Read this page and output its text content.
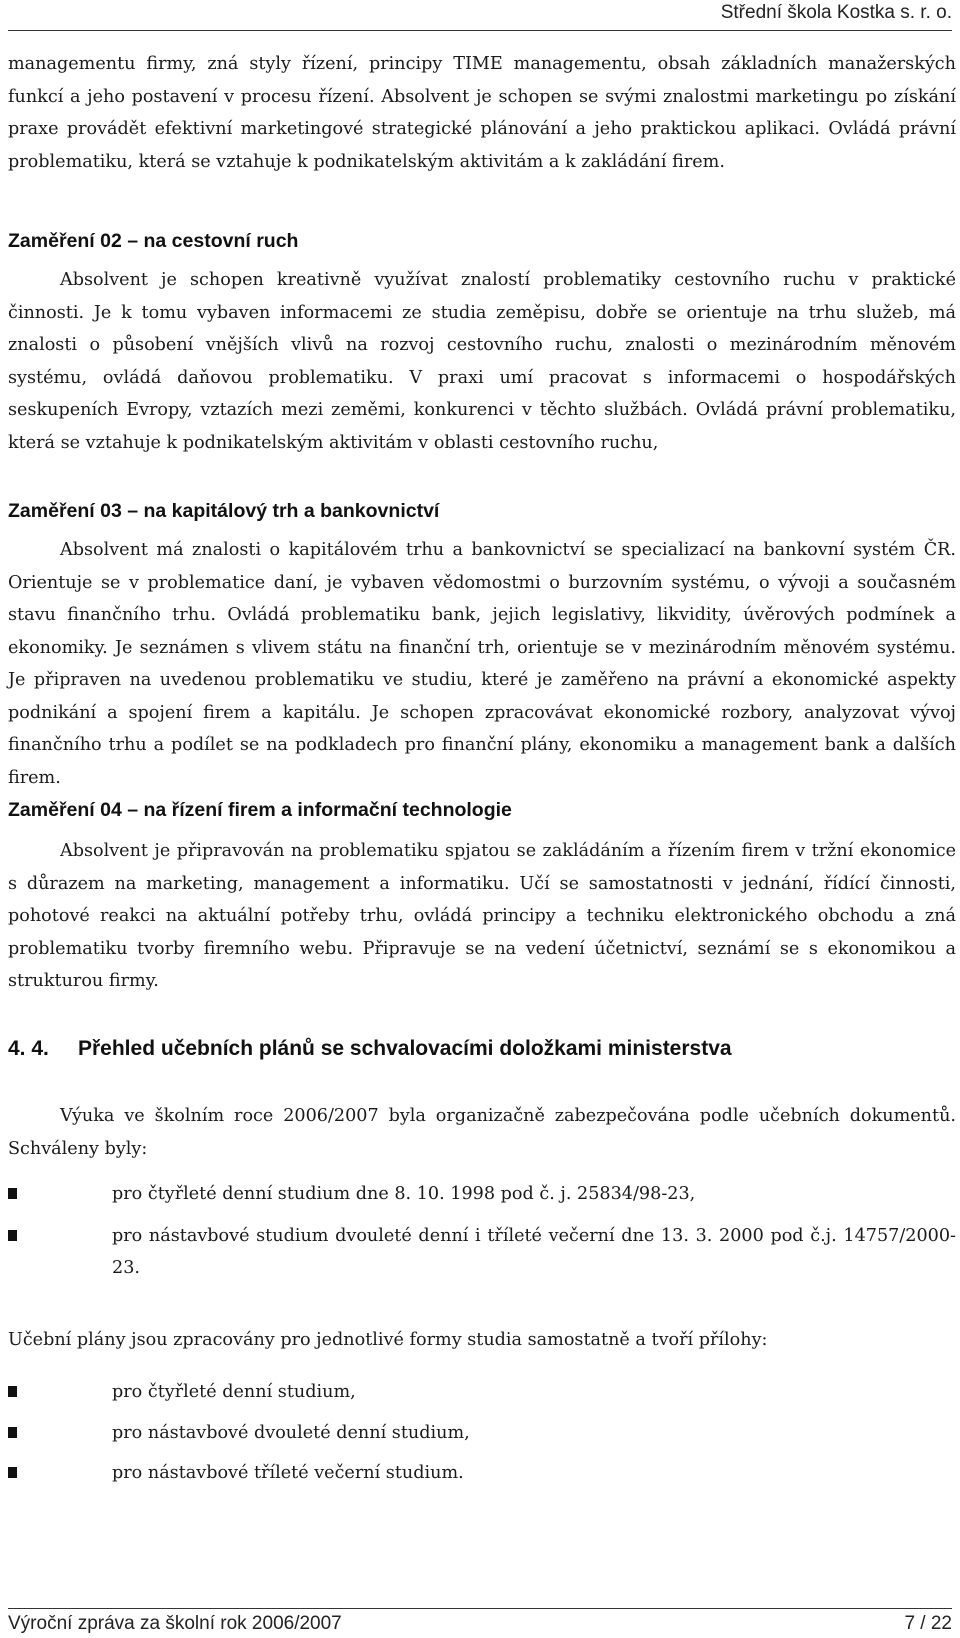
Střední škola Kostka s. r. o.

managementu firmy, zná styly řízení, principy TIME managementu, obsah základních manažerských funkcí a jeho postavení v procesu řízení. Absolvent je schopen se svými znalostmi marketingu po získání praxe provádět efektivní marketingové strategické plánování a jeho praktickou aplikaci. Ovládá právní problematiku, která se vztahuje k podnikatelským aktivitám a k zakládání firem.

Zaměření 02 – na cestovní ruch

Absolvent je schopen kreativně využívat znalostí problematiky cestovního ruchu v praktické činnosti. Je k tomu vybaven informacemi ze studia zeměpisu, dobře se orientuje na trhu služeb, má znalosti o působení vnějších vlivů na rozvoj cestovního ruchu, znalosti o mezinárodním měnovém systému, ovládá daňovou problematiku. V praxi umí pracovat s informacemi o hospodářských seskupeních Evropy, vztazích mezi zeměmi, konkurenci v těchto službách. Ovládá právní problematiku, která se vztahuje k podnikatelským aktivitám v oblasti cestovního ruchu,

Zaměření 03 – na kapitálový trh a bankovnictví

Absolvent má znalosti o kapitálovém trhu a bankovnictví se specializací na bankovní systém ČR. Orientuje se v problematice daní, je vybaven vědomostmi o burzovním systému, o vývoji a současném stavu finančního trhu. Ovládá problematiku bank, jejich legislativy, likvidity, úvěrových podmínek a ekonomiky. Je seznámen s vlivem státu na finanční trh, orientuje se v mezinárodním měnovém systému. Je připraven na uvedenou problematiku ve studiu, které je zaměřeno na právní a ekonomické aspekty podnikání a spojení firem a kapitálu. Je schopen zpracovávat ekonomické rozbory, analyzovat vývoj finančního trhu a podílet se na podkladech pro finanční plány, ekonomiku a management bank a dalších firem.

Zaměření 04 – na řízení firem a informační technologie

Absolvent je připravován na problematiku spjatou se zakládáním a řízením firem v tržní ekonomice s důrazem na marketing, management a informatiku. Učí se samostatnosti v jednání, řídící činnosti, pohotové reakci na aktuální potřeby trhu, ovládá principy a techniku elektronického obchodu a zná problematiku tvorby firemního webu. Připravuje se na vedení účetnictví, seznámí se s ekonomikou a strukturou firmy.

4. 4. Přehled učebních plánů se schvalovacími doložkami ministerstva

Výuka ve školním roce 2006/2007 byla organizačně zabezpečována podle učebních dokumentů. Schváleny byly:

pro čtyřleté denní studium dne 8. 10. 1998 pod č. j. 25834/98-23,
pro nástavbové studium dvouleté denní i tříleté večerní dne 13. 3. 2000 pod č.j. 14757/2000-23.

Učební plány jsou zpracovány pro jednotlivé formy studia samostatně a tvoří přílohy:

pro čtyřleté denní studium,
pro nástavbové dvouleté denní studium,
pro nástavbové tříleté večerní studium.
Výroční zpráva za školní rok 2006/2007	7 / 22
